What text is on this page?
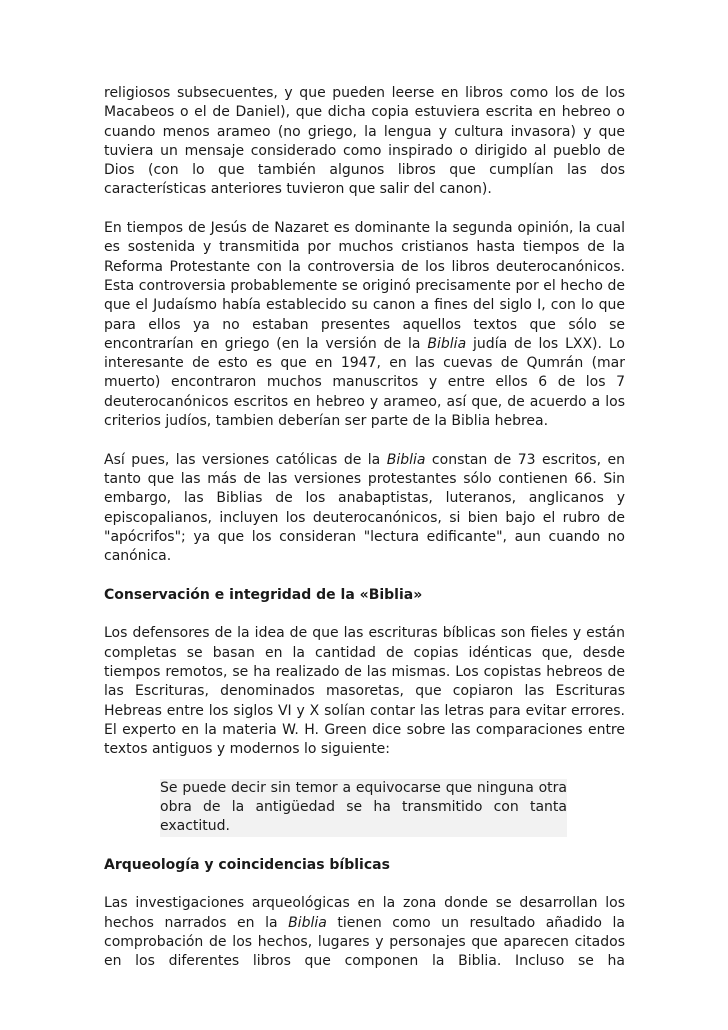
religiosos subsecuentes, y que pueden leerse en libros como los de los Macabeos o el de Daniel), que dicha copia estuviera escrita en hebreo o cuando menos arameo (no griego, la lengua y cultura invasora) y que tuviera un mensaje considerado como inspirado o dirigido al pueblo de Dios (con lo que también algunos libros que cumplían las dos características anteriores tuvieron que salir del canon).

En tiempos de Jesús de Nazaret es dominante la segunda opinión, la cual es sostenida y transmitida por muchos cristianos hasta tiempos de la Reforma Protestante con la controversia de los libros deuterocanónicos. Esta controversia probablemente se originó precisamente por el hecho de que el Judaísmo había establecido su canon a fines del siglo I, con lo que para ellos ya no estaban presentes aquellos textos que sólo se encontrarían en griego (en la versión de la Biblia judía de los LXX). Lo interesante de esto es que en 1947, en las cuevas de Qumrán (mar muerto) encontraron muchos manuscritos y entre ellos 6 de los 7 deuterocanónicos escritos en hebreo y arameo, así que, de acuerdo a los criterios judíos, tambien deberían ser parte de la Biblia hebrea.

Así pues, las versiones católicas de la Biblia constan de 73 escritos, en tanto que las más de las versiones protestantes sólo contienen 66. Sin embargo, las Biblias de los anabaptistas, luteranos, anglicanos y episcopalianos, incluyen los deuterocanónicos, si bien bajo el rubro de "apócrifos"; ya que los consideran "lectura edificante", aun cuando no canónica.

Conservación e integridad de la «Biblia»

Los defensores de la idea de que las escrituras bíblicas son fieles y están completas se basan en la cantidad de copias idénticas que, desde tiempos remotos, se ha realizado de las mismas. Los copistas hebreos de las Escrituras, denominados masoretas, que copiaron las Escrituras Hebreas entre los siglos VI y X solían contar las letras para evitar errores. El experto en la materia W. H. Green dice sobre las comparaciones entre textos antiguos y modernos lo siguiente:

Se puede decir sin temor a equivocarse que ninguna otra obra de la antigüedad se ha transmitido con tanta exactitud.
Arqueología y coincidencias bíblicas

Las investigaciones arqueológicas en la zona donde se desarrollan los hechos narrados en la Biblia tienen como un resultado añadido la comprobación de los hechos, lugares y personajes que aparecen citados en los diferentes libros que componen la Biblia. Incluso se ha
